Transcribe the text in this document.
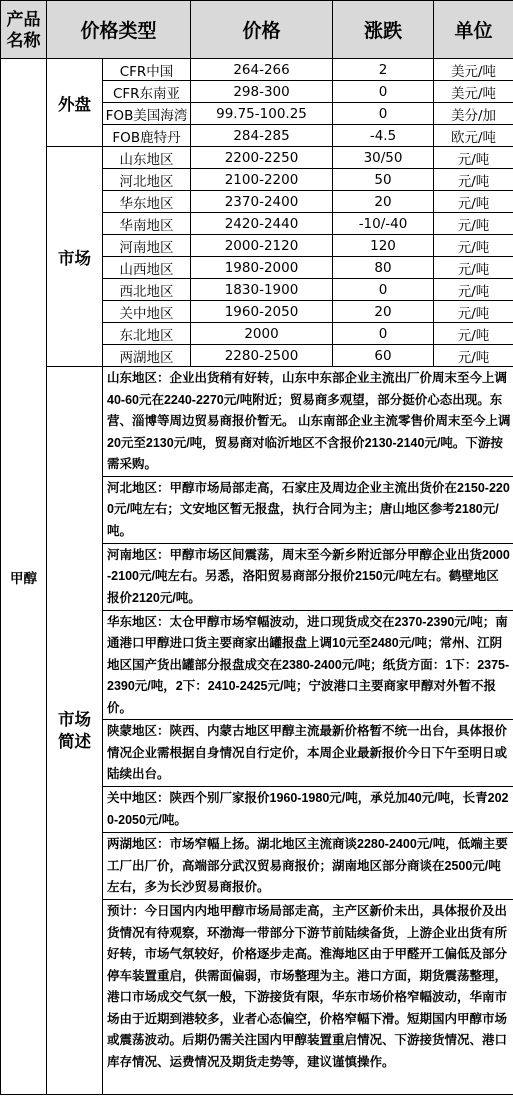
产品名称	价格类型		价格	涨跌	单位
甲醇	外盘	CFR中国	264-266	2	美元/吨
		CFR东南亚	298-300	0	美元/吨
		FOB美国海湾	99.75-100.25	0	美分/加
		FOB鹿特丹	284-285	-4.5	欧元/吨
	市场	山东地区	2200-2250	30/50	元/吨
		河北地区	2100-2200	50	元/吨
		华东地区	2370-2400	20	元/吨
		华南地区	2420-2440	-10/-40	元/吨
		河南地区	2000-2120	120	元/吨
		山西地区	1980-2000	80	元/吨
		西北地区	1830-1900	0	元/吨
		关中地区	1960-2050	20	元/吨
		东北地区	2000	0	元/吨
		两湖地区	2280-2500	60	元/吨
	市场简述	山东地区：企业出货稍有好转，山东中东部企业主流出厂价周末至今上调40-60元在2240-2270元/吨附近；贸易商多观望，部分挺价心态出现。东营、淄博等周边贸易商报价暂无。 山东南部企业主流零售价周末至今上调20元至2130元/吨，贸易商对临沂地区不含报价2130-2140元/吨。下游按需采购。			
		河北地区：甲醇市场局部走高，石家庄及周边企业主流出货价在2150-2200元/吨左右；文安地区暂无报盘，执行合同为主；唐山地区参考2180元/吨。			
		河南地区：甲醇市场区间震荡，周末至今新乡附近部分甲醇企业出货2000-2100元/吨左右。另悉，洛阳贸易商部分报价2150元/吨左右。鹤壁地区报价2120元/吨。			
		华东地区：太仓甲醇市场窄幅波动，进口现货成交在2370-2390元/吨；南通港口甲醇进口货主要商家出罐报盘上调10元至2480元/吨；常州、江阴地区国产货出罐部分报盘成交在2380-2400元/吨；纸货方面：1下：2375-2390元/吨，2下：2410-2425元/吨；宁波港口主要商家甲醇对外暂不报价。			
		陕蒙地区：陕西、内蒙古地区甲醇主流最新价格暂不统一出台，具体报价情况企业需根据自身情况自行定价，本周企业最新报价今日下午至明日或陆续出台。			
		关中地区：陕西个别厂家报价1960-1980元/吨，承兑加40元/吨，长青2020-2050元/吨。			
		两湖地区：市场窄幅上扬。湖北地区主流商谈2280-2400元/吨，低端主要工厂出厂价，高端部分武汉贸易商报价；湖南地区部分商谈在2500元/吨左右，多为长沙贸易商报价。			
		预计：今日国内内地甲醇市场局部走高，主产区新价未出，具体报价及出货情况有待观察，环渤海一带部分下游节前陆续备货，上游企业出货有所好转，市场气氛较好，价格逐步走高。淮海地区由于甲醛开工偏低及部分停车装置重启，供需面偏弱，市场整理为主。港口方面，期货震荡整理，港口市场成交气氛一般，下游接货有限，华东市场价格窄幅波动，华南市场由于近期到港较多，业者心态偏空，价格窄幅下滑。短期国内甲醇市场或震荡波动。后期仍需关注国内甲醇装置重启情况、下游接货情况、港口库存情况、运费情况及期货走势等，建议谨慎操作。			
